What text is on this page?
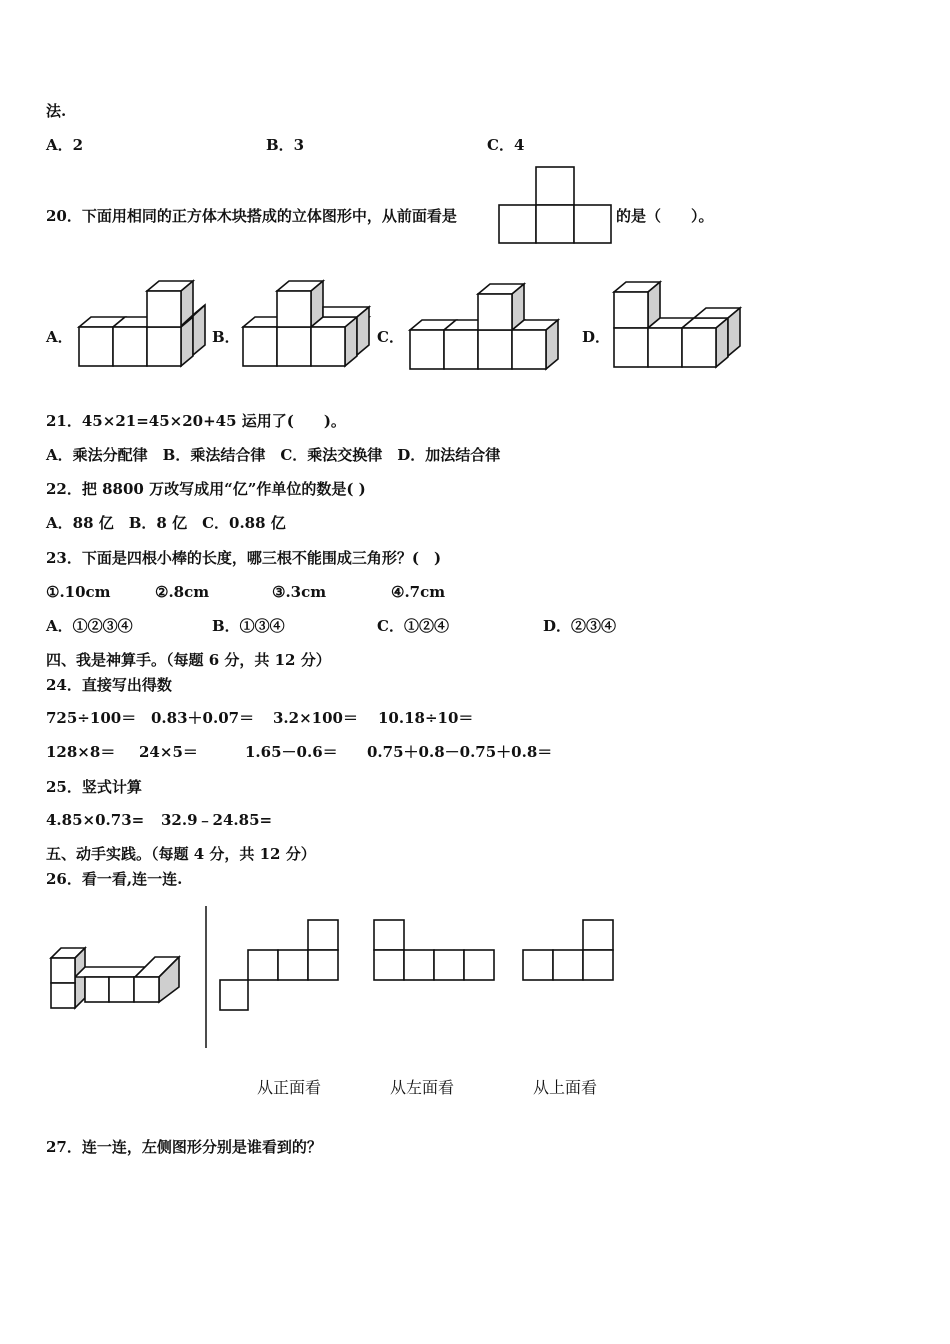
法.
A．2	B．3	C．4
20．下面用相同的正方体木块搭成的立体图形中，从前面看是	的是（　　）。
A．	B．	C．	D．
21．45×21=45×20+45 运用了(　　)。
A．乘法分配律　B．乘法结合律　C．乘法交换律　D．加法结合律
22．把 8800 万改写成用“亿”作单位的数是( )
A．88 亿　B．8 亿　C．0.88 亿
23．下面是四根小棒的长度，哪三根不能围成三角形？(　)
①.10cm	②.8cm	③.3cm	④.7cm
A．①②③④	B．①③④	C．①②④	D．②③④
四、我是神算手。（每题 6 分，共 12 分）
24．直接写出得数
725÷100＝ 0.83＋0.07＝ 3.2×100＝ 10.18÷10＝
128×8＝ 24×5＝	1.65－0.6＝ 0.75＋0.8－0.75＋0.8＝
25．竖式计算
4.85×0.73= 32.9﹣24.85=
五、动手实践。（每题 4 分，共 12 分）
26．看一看,连一连.
从正面看	从左面看	从上面看
27．连一连，左侧图形分别是谁看到的？
